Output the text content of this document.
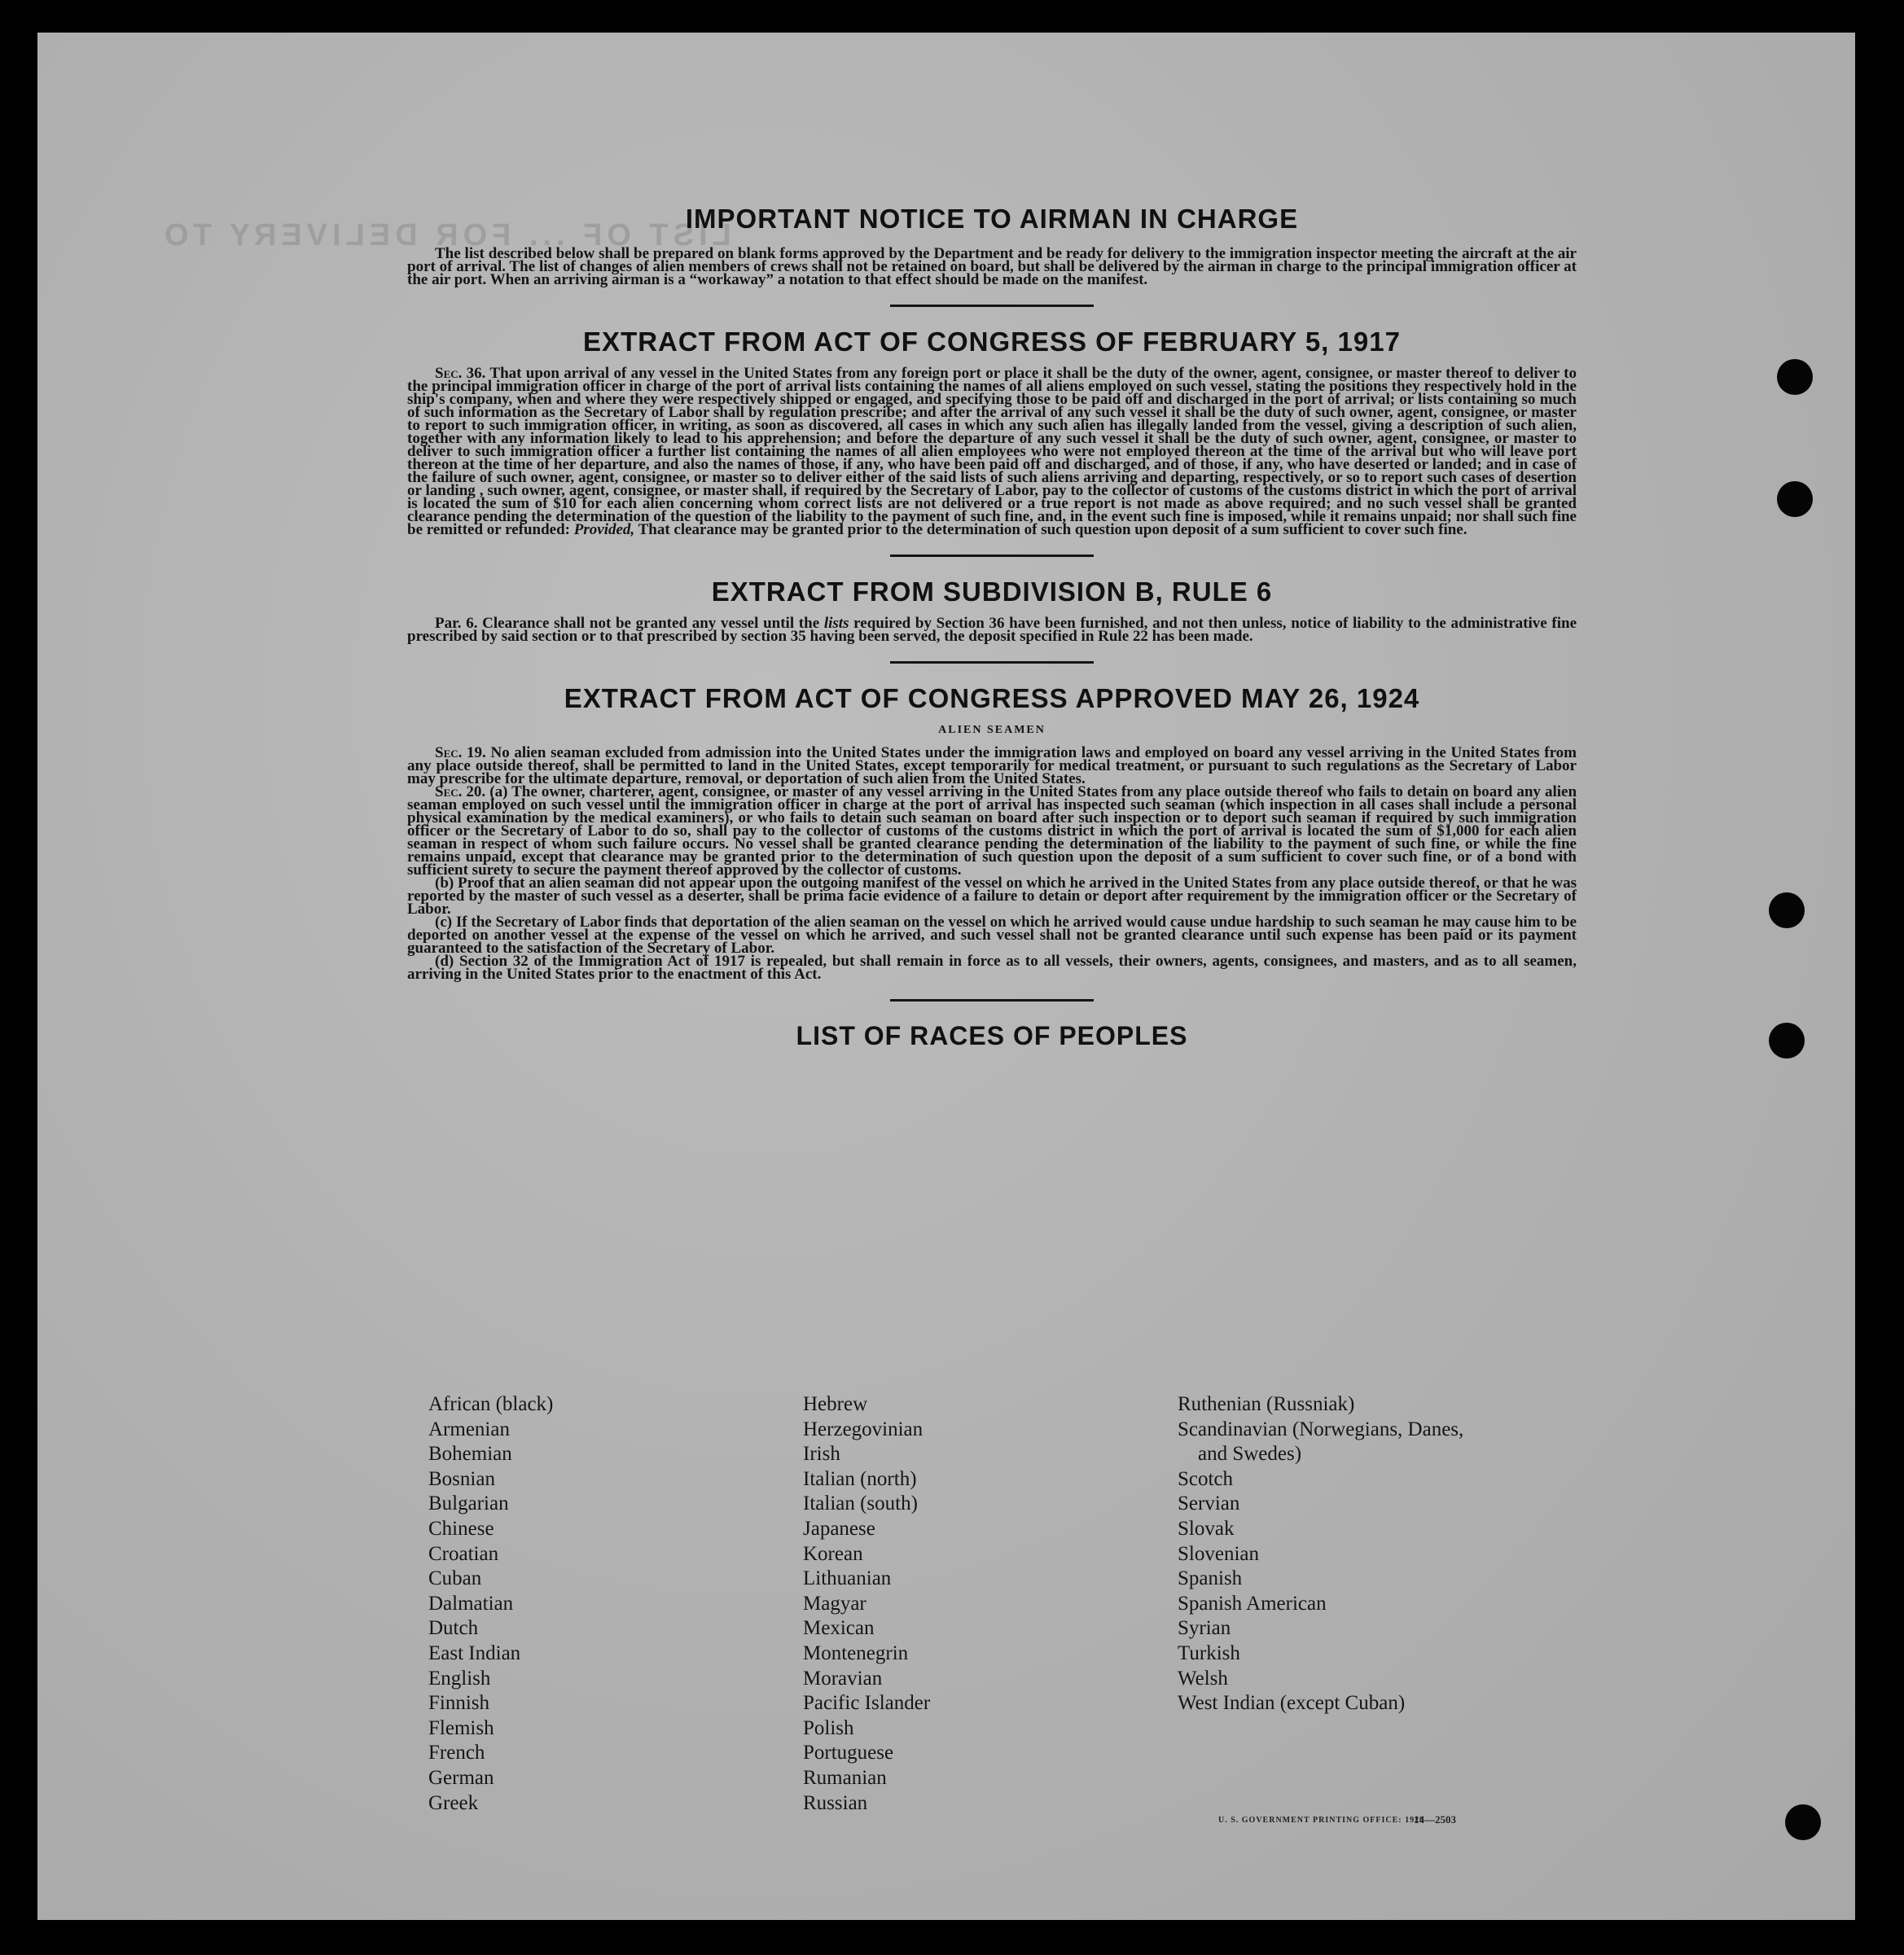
LIST OF ... FOR DELIVERY TO
IMPORTANT NOTICE TO AIRMAN IN CHARGE

The list described below shall be prepared on blank forms approved by the Department and be ready for delivery to the immigration inspector meeting the aircraft at the air port of arrival. The list of changes of alien members of crews shall not be retained on board, but shall be delivered by the airman in charge to the principal immigration officer at the air port. When an arriving airman is a “workaway” a notation to that effect should be made on the manifest.

EXTRACT FROM ACT OF CONGRESS OF FEBRUARY 5, 1917

Sec. 36. That upon arrival of any vessel in the United States from any foreign port or place it shall be the duty of the owner, agent, consignee, or master thereof to deliver to the principal immigration officer in charge of the port of arrival lists containing the names of all aliens employed on such vessel, stating the positions they respectively hold in the ship's company, when and where they were respectively shipped or engaged, and specifying those to be paid off and discharged in the port of arrival; or lists containing so much of such information as the Secretary of Labor shall by regulation prescribe; and after the arrival of any such vessel it shall be the duty of such owner, agent, consignee, or master to report to such immigration officer, in writing, as soon as discovered, all cases in which any such alien has illegally landed from the vessel, giving a description of such alien, together with any information likely to lead to his apprehension; and before the departure of any such vessel it shall be the duty of such owner, agent, consignee, or master to deliver to such immigration officer a further list containing the names of all alien employees who were not employed thereon at the time of the arrival but who will leave port thereon at the time of her departure, and also the names of those, if any, who have been paid off and discharged, and of those, if any, who have deserted or landed; and in case of the failure of such owner, agent, consignee, or master so to deliver either of the said lists of such aliens arriving and departing, respectively, or so to report such cases of desertion or landing , such owner, agent, consignee, or master shall, if required by the Secretary of Labor, pay to the collector of customs of the customs district in which the port of arrival is located the sum of $10 for each alien concerning whom correct lists are not delivered or a true report is not made as above required; and no such vessel shall be granted clearance pending the determination of the question of the liability to the payment of such fine, and, in the event such fine is imposed, while it remains unpaid; nor shall such fine be remitted or refunded: Provided, That clearance may be granted prior to the determination of such question upon deposit of a sum sufficient to cover such fine.

EXTRACT FROM SUBDIVISION B, RULE 6

Par. 6. Clearance shall not be granted any vessel until the lists required by Section 36 have been furnished, and not then unless, notice of liability to the administrative fine prescribed by said section or to that prescribed by section 35 having been served, the deposit specified in Rule 22 has been made.

EXTRACT FROM ACT OF CONGRESS APPROVED MAY 26, 1924
ALIEN SEAMEN

Sec. 19. No alien seaman excluded from admission into the United States under the immigration laws and employed on board any vessel arriving in the United States from any place outside thereof, shall be permitted to land in the United States, except temporarily for medical treatment, or pursuant to such regulations as the Secretary of Labor may prescribe for the ultimate departure, removal, or deportation of such alien from the United States.

Sec. 20. (a) The owner, charterer, agent, consignee, or master of any vessel arriving in the United States from any place outside thereof who fails to detain on board any alien seaman employed on such vessel until the immigration officer in charge at the port of arrival has inspected such seaman (which inspection in all cases shall include a personal physical examination by the medical examiners), or who fails to detain such seaman on board after such inspection or to deport such seaman if required by such immigration officer or the Secretary of Labor to do so, shall pay to the collector of customs of the customs district in which the port of arrival is located the sum of $1,000 for each alien seaman in respect of whom such failure occurs. No vessel shall be granted clearance pending the determination of the liability to the payment of such fine, or while the fine remains unpaid, except that clearance may be granted prior to the determination of such question upon the deposit of a sum sufficient to cover such fine, or of a bond with sufficient surety to secure the payment thereof approved by the collector of customs.

(b) Proof that an alien seaman did not appear upon the outgoing manifest of the vessel on which he arrived in the United States from any place outside thereof, or that he was reported by the master of such vessel as a deserter, shall be prima facie evidence of a failure to detain or deport after requirement by the immigration officer or the Secretary of Labor.

(c) If the Secretary of Labor finds that deportation of the alien seaman on the vessel on which he arrived would cause undue hardship to such seaman he may cause him to be deported on another vessel at the expense of the vessel on which he arrived, and such vessel shall not be granted clearance until such expense has been paid or its payment guaranteed to the satisfaction of the Secretary of Labor.

(d) Section 32 of the Immigration Act of 1917 is repealed, but shall remain in force as to all vessels, their owners, agents, consignees, and masters, and as to all seamen, arriving in the United States prior to the enactment of this Act.

LIST OF RACES OF PEOPLES
African (black)
Armenian
Bohemian
Bosnian
Bulgarian
Chinese
Croatian
Cuban
Dalmatian
Dutch
East Indian
English
Finnish
Flemish
French
German
Greek
Hebrew
Herzegovinian
Irish
Italian (north)
Italian (south)
Japanese
Korean
Lithuanian
Magyar
Mexican
Montenegrin
Moravian
Pacific Islander
Polish
Portuguese
Rumanian
Russian
Ruthenian (Russniak)
Scandinavian (Norwegians, Danes,
and Swedes)
Scotch
Servian
Slovak
Slovenian
Spanish
Spanish American
Syrian
Turkish
Welsh
West Indian (except Cuban)
U. S. GOVERNMENT PRINTING OFFICE: 1929
14—2503
